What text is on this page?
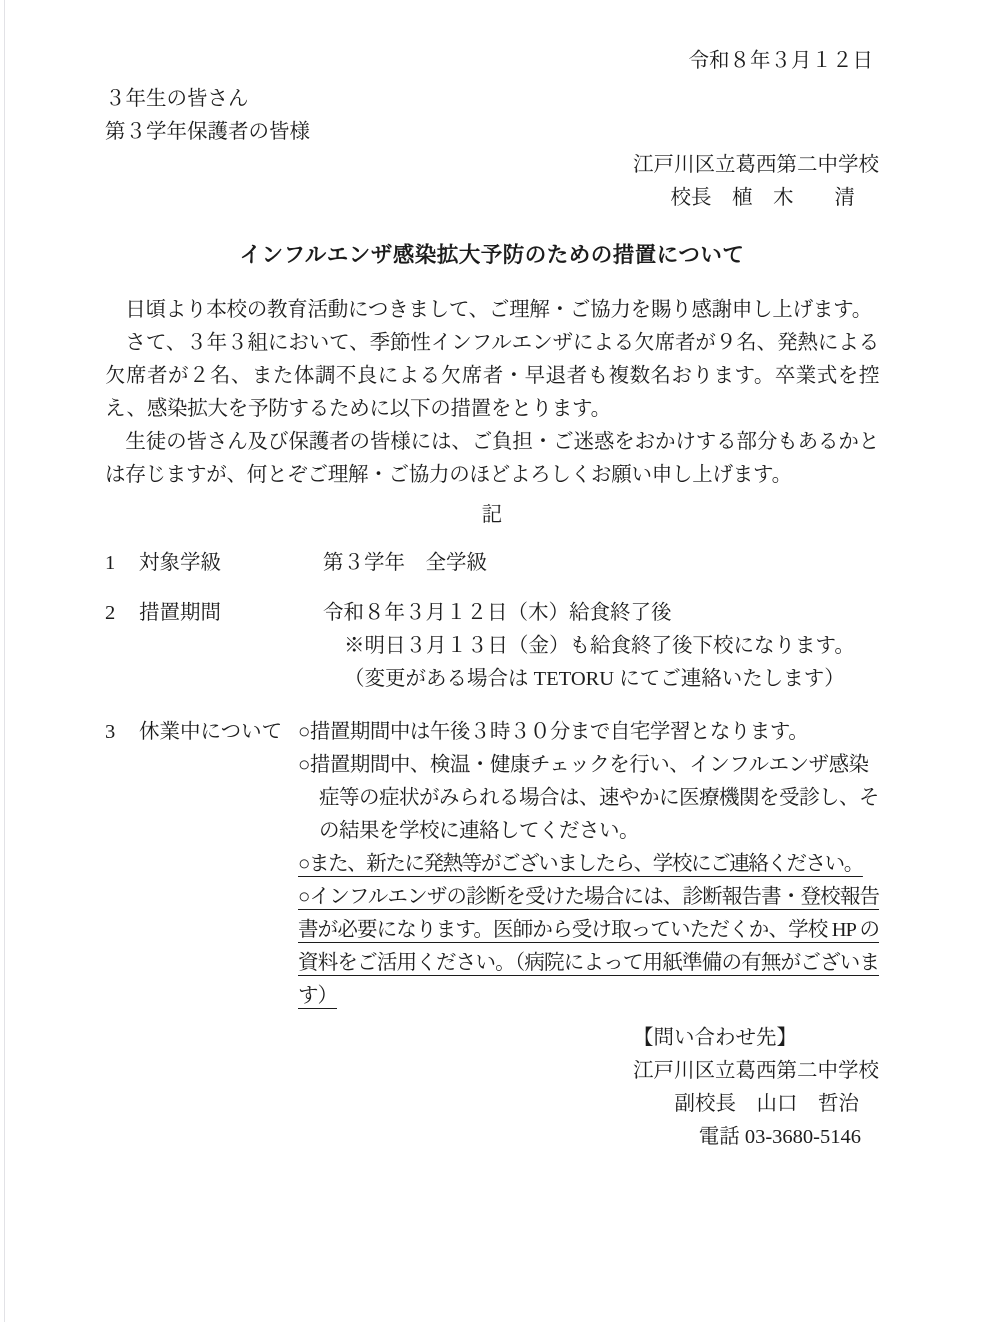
令和８年３月１２日
３年生の皆さん
第３学年保護者の皆様
江戸川区立葛西第二中学校
校長　植　木　　清
インフルエンザ感染拡大予防のための措置について

　日頃より本校の教育活動につきまして、ご理解・ご協力を賜り感謝申し上げます。

　さて、３年３組において、季節性インフルエンザによる欠席者が９名、発熱による欠席者が２名、また体調不良による欠席者・早退者も複数名おります。卒業式を控え、感染拡大を予防するために以下の措置をとります。

　生徒の皆さん及び保護者の皆様には、ご負担・ご迷惑をおかけする部分もあるかとは存じますが、何とぞご理解・ご協力のほどよろしくお願い申し上げます。

記
1	対象学級	第３学年　全学級
2	措置期間	令和８年３月１２日（木）給食終了後
※明日３月１３日（金）も給食終了後下校になります。
（変更がある場合は TETORU にてご連絡いたします）
3	休業中について ○措置期間中は午後３時３０分まで自宅学習となります。
○措置期間中、検温・健康チェックを行い、インフルエンザ感染症等の症状がみられる場合は、速やかに医療機関を受診し、その結果を学校に連絡してください。
○また、新たに発熱等がございましたら、学校にご連絡ください。
○インフルエンザの診断を受けた場合には、診断報告書・登校報告書が必要になります。医師から受け取っていただくか、学校 HP の資料をご活用ください。（病院によって用紙準備の有無がございます）
【問い合わせ先】
江戸川区立葛西第二中学校
副校長　山口　哲治
電話 03-3680-5146
